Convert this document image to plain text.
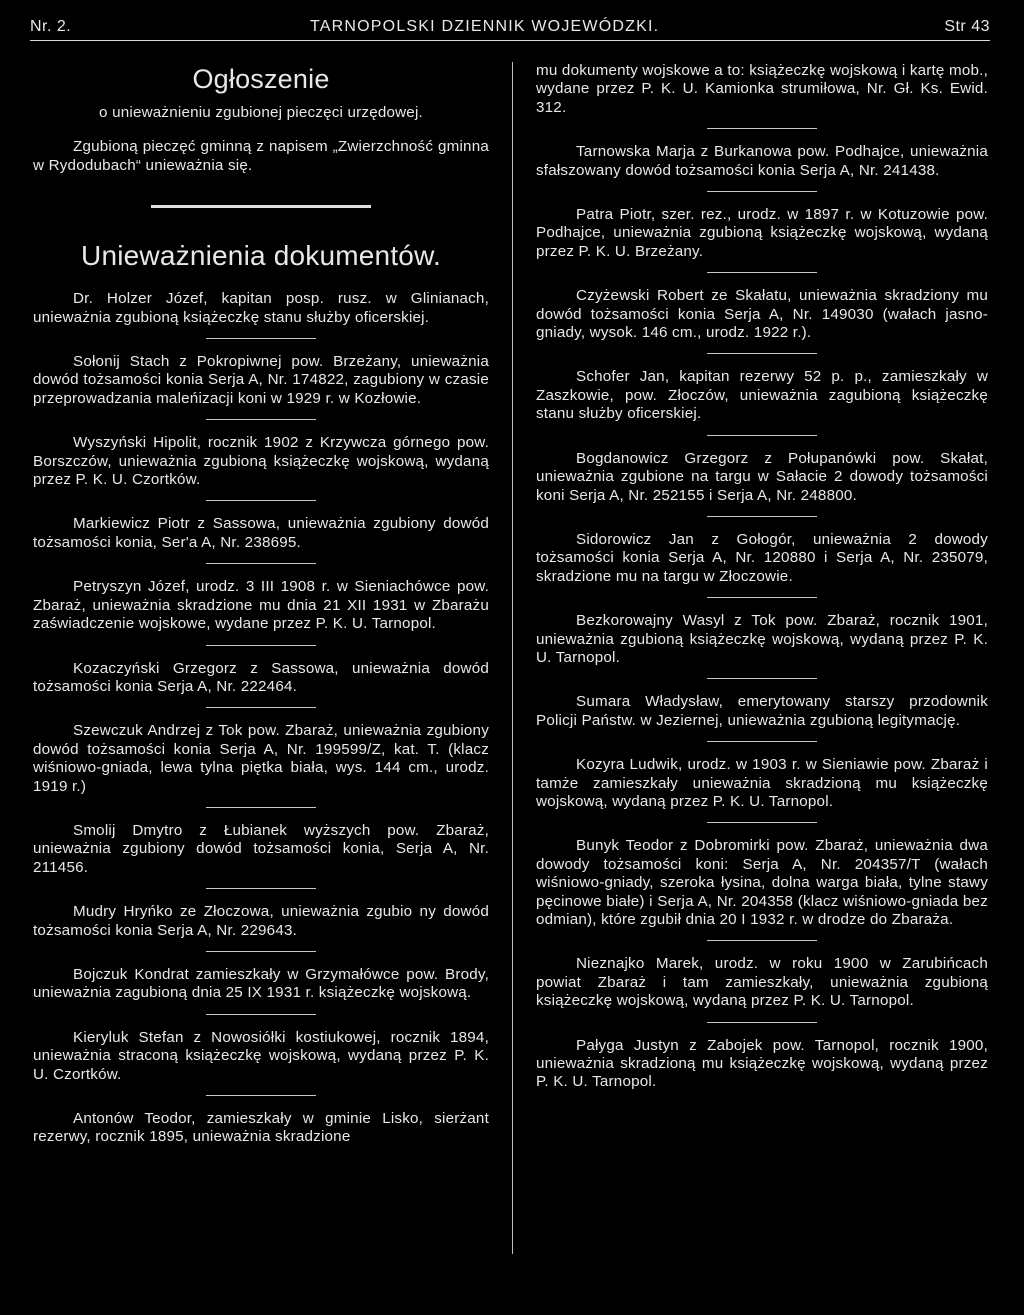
Nr. 2.	TARNOPOLSKI DZIENNIK WOJEWÓDZKI.	Str 43
Ogłoszenie

o unieważnieniu zgubionej pieczęci urzędowej.

Zgubioną pieczęć gminną z napisem „Zwierzchność gminna w Rydodubach“ unieważnia się.

Unieważnienia dokumentów.

Dr. Holzer Józef, kapitan posp. rusz. w Glinianach, unieważnia zgubioną książeczkę stanu służby oficerskiej.

Sołonij Stach z Pokropiwnej pow. Brzeżany, unieważnia dowód tożsamości konia Serja A, Nr. 174822, zagubiony w czasie przeprowadzania maleńizacji koni w 1929 r. w Kozłowie.

Wyszyński Hipolit, rocznik 1902 z Krzywcza górnego pow. Borszczów, unieważnia zgubioną książeczkę wojskową, wydaną przez P. K. U. Czortków.

Markiewicz Piotr z Sassowa, unieważnia zgubiony dowód tożsamości konia, Ser'a A, Nr. 238695.

Petryszyn Józef, urodz. 3 III 1908 r. w Sieniachówce pow. Zbaraż, unieważnia skradzione mu dnia 21 XII 1931 w Zbarażu zaświadczenie wojskowe, wydane przez P. K. U. Tarnopol.

Kozaczyński Grzegorz z Sassowa, unieważnia dowód tożsamości konia Serja A, Nr. 222464.

Szewczuk Andrzej z Tok pow. Zbaraż, unieważnia zgubiony dowód tożsamości konia Serja A, Nr. 199599/Z, kat. T. (klacz wiśniowo-gniada, lewa tylna piętka biała, wys. 144 cm., urodz. 1919 r.)

Smolij Dmytro z Łubianek wyższych pow. Zbaraż, unieważnia zgubiony dowód tożsamości konia, Serja A, Nr. 211456.

Mudry Hryńko ze Złoczowa, unieważnia zgubio ny dowód tożsamości konia Serja A, Nr. 229643.

Bojczuk Kondrat zamieszkały w Grzymałówce pow. Brody, unieważnia zagubioną dnia 25 IX 1931 r. książeczkę wojskową.

Kieryluk Stefan z Nowosiółki kostiukowej, rocznik 1894, unieważnia straconą książeczkę wojskową, wydaną przez P. K. U. Czortków.

Antonów Teodor, zamieszkały w gminie Lisko, sierżant rezerwy, rocznik 1895, unieważnia skradzione

mu dokumenty wojskowe a to: książeczkę wojskową i kartę mob., wydane przez P. K. U. Kamionka strumiłowa, Nr. Gł. Ks. Ewid. 312.

Tarnowska Marja z Burkanowa pow. Podhajce, unieważnia sfałszowany dowód tożsamości konia Serja A, Nr. 241438.

Patra Piotr, szer. rez., urodz. w 1897 r. w Kotuzowie pow. Podhajce, unieważnia zgubioną książeczkę wojskową, wydaną przez P. K. U. Brzeżany.

Czyżewski Robert ze Skałatu, unieważnia skradziony mu dowód tożsamości konia Serja A, Nr. 149030 (wałach jasno-gniady, wysok. 146 cm., urodz. 1922 r.).

Schofer Jan, kapitan rezerwy 52 p. p., zamieszkały w Zaszkowie, pow. Złoczów, unieważnia zagubioną książeczkę stanu służby oficerskiej.

Bogdanowicz Grzegorz z Połupanówki pow. Skałat, unieważnia zgubione na targu w Sałacie 2 dowody tożsamości koni Serja A, Nr. 252155 i Serja A, Nr. 248800.

Sidorowicz Jan z Gołogór, unieważnia 2 dowody tożsamości konia Serja A, Nr. 120880 i Serja A, Nr. 235079, skradzione mu na targu w Złoczowie.

Bezkorowajny Wasyl z Tok pow. Zbaraż, rocznik 1901, unieważnia zgubioną książeczkę wojskową, wydaną przez P. K. U. Tarnopol.

Sumara Władysław, emerytowany starszy przodownik Policji Państw. w Jeziernej, unieważnia zgubioną legitymację.

Kozyra Ludwik, urodz. w 1903 r. w Sieniawie pow. Zbaraż i tamże zamieszkały unieważnia skradzioną mu książeczkę wojskową, wydaną przez P. K. U. Tarnopol.

Bunyk Teodor z Dobromirki pow. Zbaraż, unieważnia dwa dowody tożsamości koni: Serja A, Nr. 204357/T (wałach wiśniowo-gniady, szeroka łysina, dolna warga biała, tylne stawy pęcinowe białe) i Serja A, Nr. 204358 (klacz wiśniowo-gniada bez odmian), które zgubił dnia 20 I 1932 r. w drodze do Zbaraża.

Nieznajko Marek, urodz. w roku 1900 w Zarubińcach powiat Zbaraż i tam zamieszkały, unieważnia zgubioną książeczkę wojskową, wydaną przez P. K. U. Tarnopol.

Pałyga Justyn z Zabojek pow. Tarnopol, rocznik 1900, unieważnia skradzioną mu książeczkę wojskową, wydaną przez P. K. U. Tarnopol.
